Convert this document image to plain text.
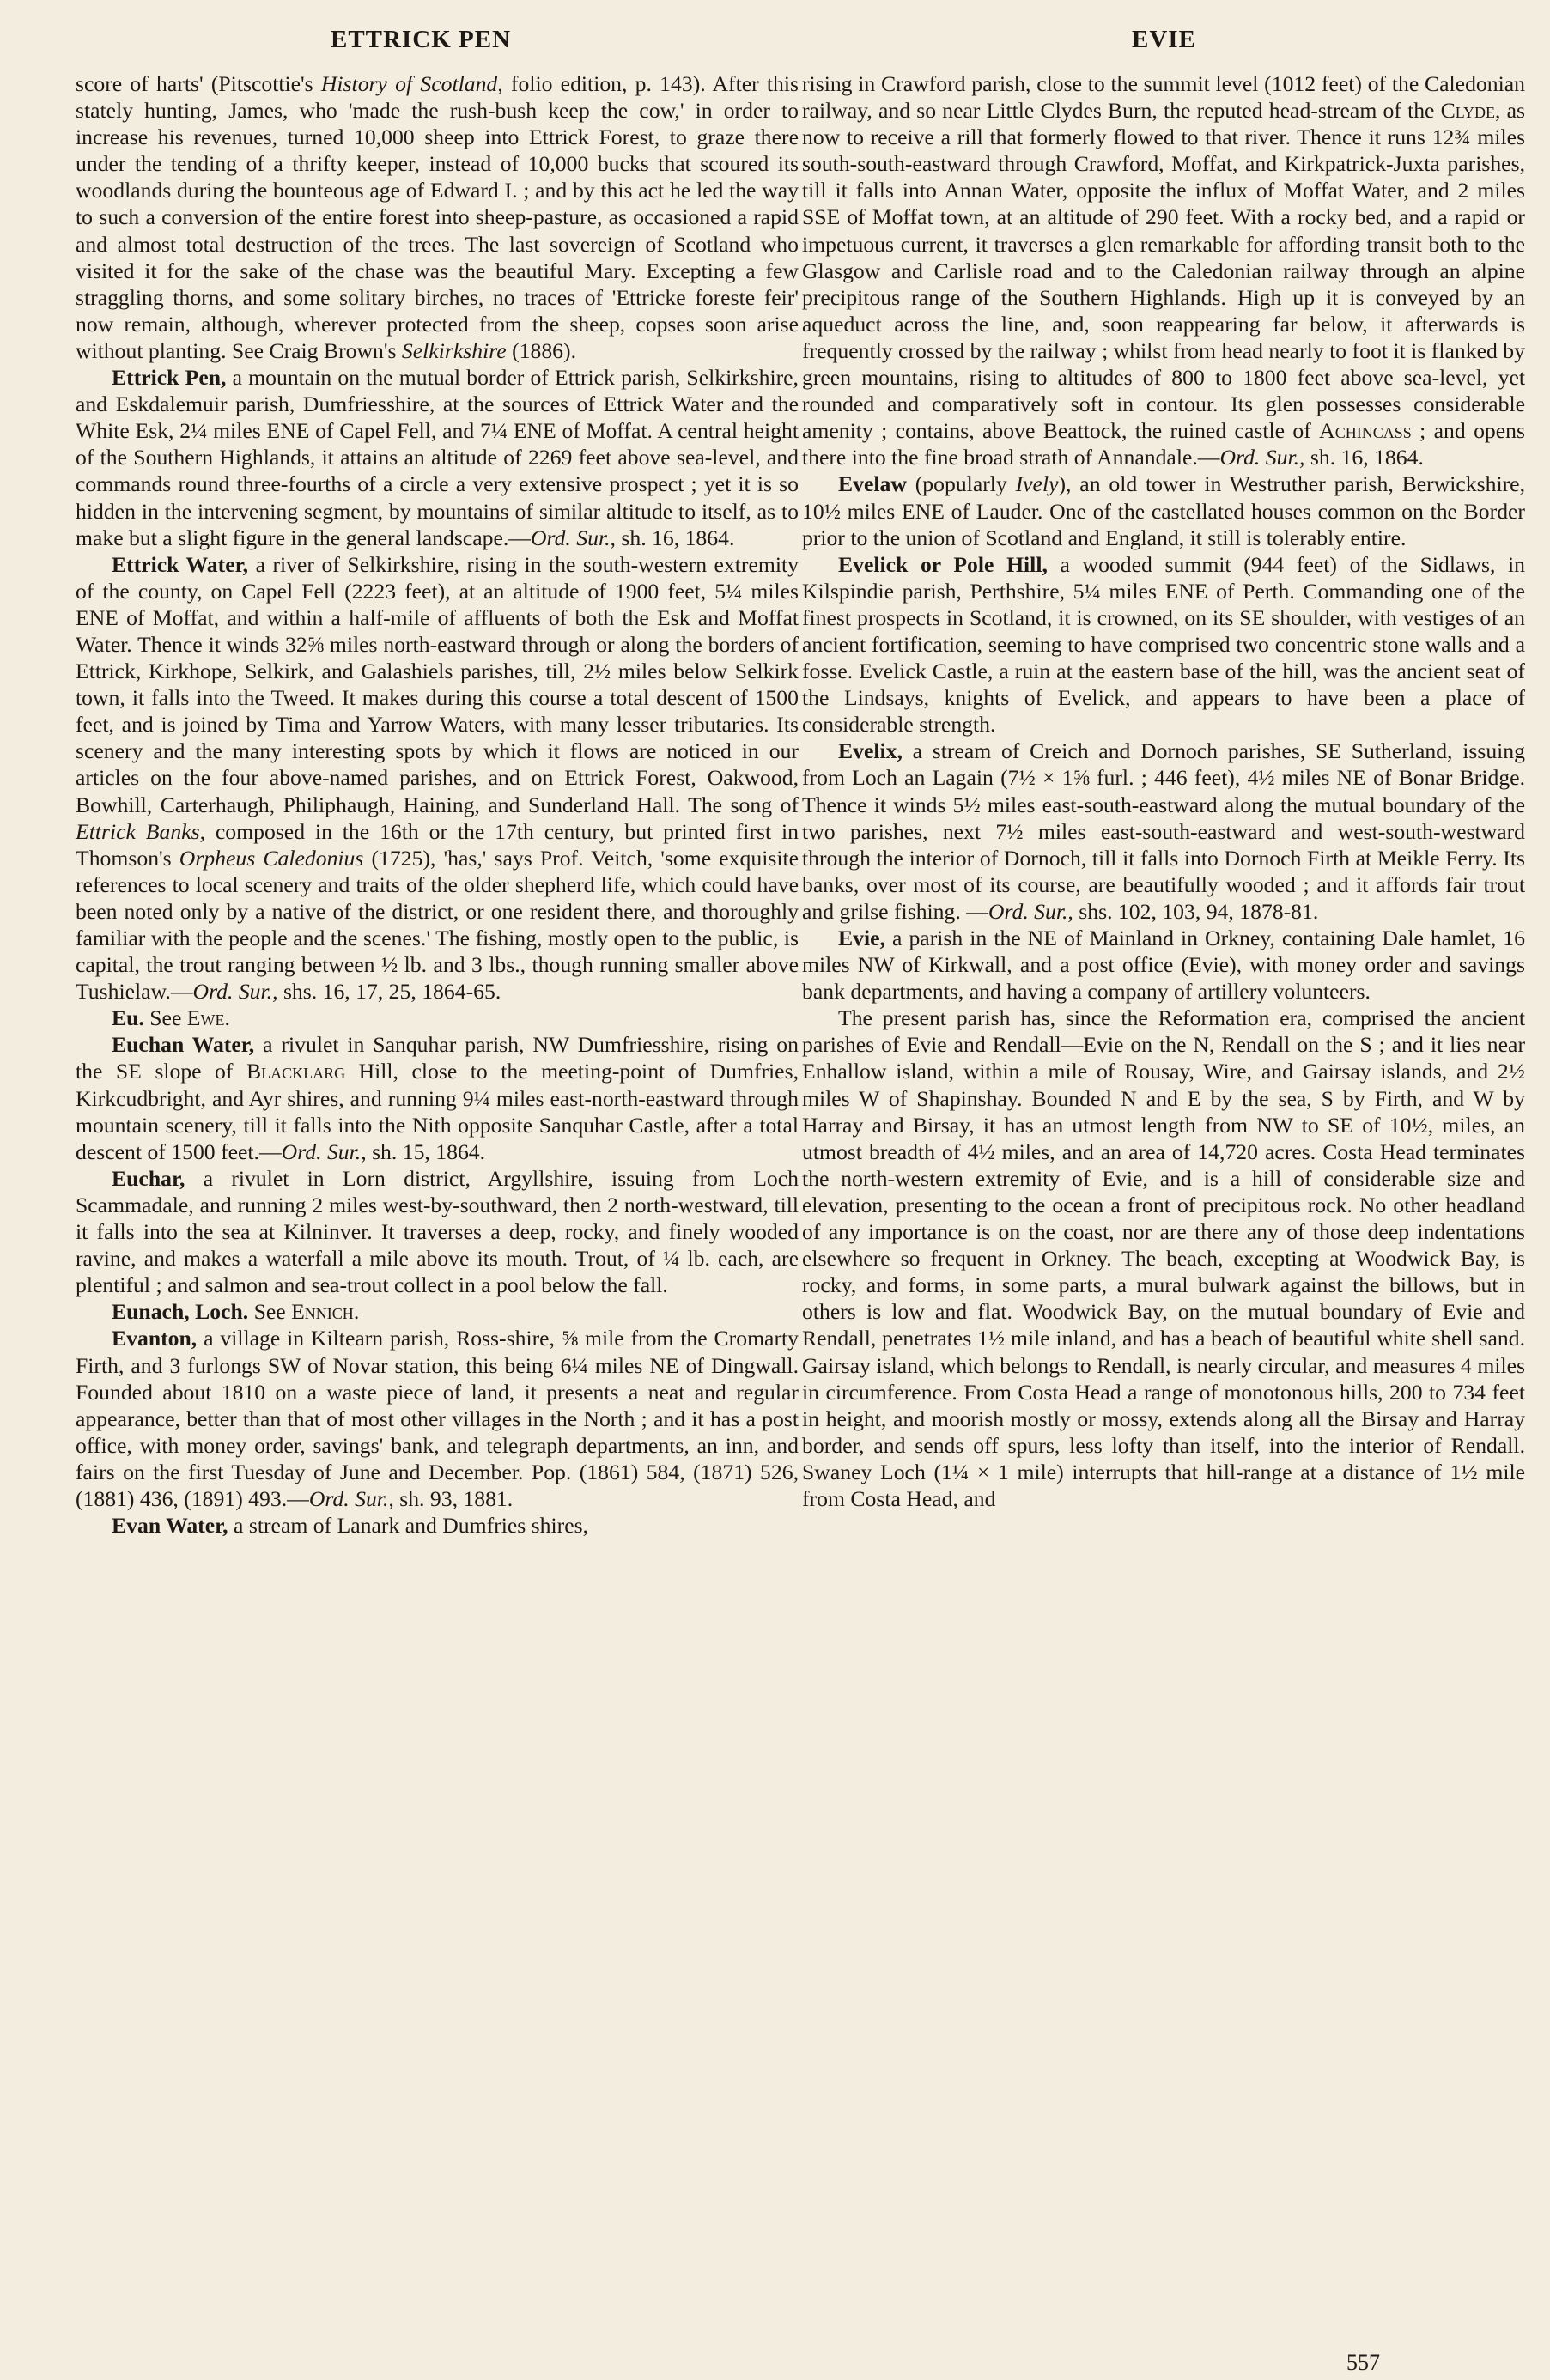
ETTRICK PEN	EVIE

score of harts' (Pitscottie's History of Scotland, folio edition, p. 143). After this stately hunting, James, who 'made the rush-bush keep the cow,' in order to increase his revenues, turned 10,000 sheep into Ettrick Forest, to graze there under the tending of a thrifty keeper, instead of 10,000 bucks that scoured its woodlands during the bounteous age of Edward I. ; and by this act he led the way to such a conversion of the entire forest into sheep-pasture, as occasioned a rapid and almost total destruction of the trees. The last sovereign of Scotland who visited it for the sake of the chase was the beautiful Mary. Excepting a few straggling thorns, and some solitary birches, no traces of 'Ettricke foreste feir' now remain, although, wherever protected from the sheep, copses soon arise without planting. See Craig Brown's Selkirkshire (1886).

Ettrick Pen, a mountain on the mutual border of Ettrick parish, Selkirkshire, and Eskdalemuir parish, Dumfriesshire, at the sources of Ettrick Water and the White Esk, 2¼ miles ENE of Capel Fell, and 7¼ ENE of Moffat. A central height of the Southern Highlands, it attains an altitude of 2269 feet above sea-level, and commands round three-fourths of a circle a very extensive prospect ; yet it is so hidden in the intervening segment, by mountains of similar altitude to itself, as to make but a slight figure in the general landscape.—Ord. Sur., sh. 16, 1864.

Ettrick Water, a river of Selkirkshire, rising in the south-western extremity of the county, on Capel Fell (2223 feet), at an altitude of 1900 feet, 5¼ miles ENE of Moffat, and within a half-mile of affluents of both the Esk and Moffat Water. Thence it winds 32⅝ miles north-eastward through or along the borders of Ettrick, Kirkhope, Selkirk, and Galashiels parishes, till, 2½ miles below Selkirk town, it falls into the Tweed. It makes during this course a total descent of 1500 feet, and is joined by Tima and Yarrow Waters, with many lesser tributaries. Its scenery and the many interesting spots by which it flows are noticed in our articles on the four above-named parishes, and on Ettrick Forest, Oakwood, Bowhill, Carterhaugh, Philiphaugh, Haining, and Sunderland Hall. The song of Ettrick Banks, composed in the 16th or the 17th century, but printed first in Thomson's Orpheus Caledonius (1725), 'has,' says Prof. Veitch, 'some exquisite references to local scenery and traits of the older shepherd life, which could have been noted only by a native of the district, or one resident there, and thoroughly familiar with the people and the scenes.' The fishing, mostly open to the public, is capital, the trout ranging between ½ lb. and 3 lbs., though running smaller above Tushielaw.—Ord. Sur., shs. 16, 17, 25, 1864-65.

Eu. See Ewe.

Euchan Water, a rivulet in Sanquhar parish, NW Dumfriesshire, rising on the SE slope of Blacklarg Hill, close to the meeting-point of Dumfries, Kirkcudbright, and Ayr shires, and running 9¼ miles east-north-eastward through mountain scenery, till it falls into the Nith opposite Sanquhar Castle, after a total descent of 1500 feet.—Ord. Sur., sh. 15, 1864.

Euchar, a rivulet in Lorn district, Argyllshire, issuing from Loch Scammadale, and running 2 miles west-by-southward, then 2 north-westward, till it falls into the sea at Kilninver. It traverses a deep, rocky, and finely wooded ravine, and makes a waterfall a mile above its mouth. Trout, of ¼ lb. each, are plentiful ; and salmon and sea-trout collect in a pool below the fall.

Eunach, Loch. See Ennich.

Evanton, a village in Kiltearn parish, Ross-shire, ⅝ mile from the Cromarty Firth, and 3 furlongs SW of Novar station, this being 6¼ miles NE of Dingwall. Founded about 1810 on a waste piece of land, it presents a neat and regular appearance, better than that of most other villages in the North ; and it has a post office, with money order, savings' bank, and telegraph departments, an inn, and fairs on the first Tuesday of June and December. Pop. (1861) 584, (1871) 526, (1881) 436, (1891) 493.—Ord. Sur., sh. 93, 1881.

Evan Water, a stream of Lanark and Dumfries shires,

rising in Crawford parish, close to the summit level (1012 feet) of the Caledonian railway, and so near Little Clydes Burn, the reputed head-stream of the Clyde, as now to receive a rill that formerly flowed to that river. Thence it runs 12¾ miles south-south-eastward through Crawford, Moffat, and Kirkpatrick-Juxta parishes, till it falls into Annan Water, opposite the influx of Moffat Water, and 2 miles SSE of Moffat town, at an altitude of 290 feet. With a rocky bed, and a rapid or impetuous current, it traverses a glen remarkable for affording transit both to the Glasgow and Carlisle road and to the Caledonian railway through an alpine precipitous range of the Southern Highlands. High up it is conveyed by an aqueduct across the line, and, soon reappearing far below, it afterwards is frequently crossed by the railway ; whilst from head nearly to foot it is flanked by green mountains, rising to altitudes of 800 to 1800 feet above sea-level, yet rounded and comparatively soft in contour. Its glen possesses considerable amenity ; contains, above Beattock, the ruined castle of Achincass ; and opens there into the fine broad strath of Annandale.—Ord. Sur., sh. 16, 1864.

Evelaw (popularly Ively), an old tower in Westruther parish, Berwickshire, 10½ miles ENE of Lauder. One of the castellated houses common on the Border prior to the union of Scotland and England, it still is tolerably entire.

Evelick or Pole Hill, a wooded summit (944 feet) of the Sidlaws, in Kilspindie parish, Perthshire, 5¼ miles ENE of Perth. Commanding one of the finest prospects in Scotland, it is crowned, on its SE shoulder, with vestiges of an ancient fortification, seeming to have comprised two concentric stone walls and a fosse. Evelick Castle, a ruin at the eastern base of the hill, was the ancient seat of the Lindsays, knights of Evelick, and appears to have been a place of considerable strength.

Evelix, a stream of Creich and Dornoch parishes, SE Sutherland, issuing from Loch an Lagain (7½ × 1⅝ furl. ; 446 feet), 4½ miles NE of Bonar Bridge. Thence it winds 5½ miles east-south-eastward along the mutual boundary of the two parishes, next 7½ miles east-south-eastward and west-south-westward through the interior of Dornoch, till it falls into Dornoch Firth at Meikle Ferry. Its banks, over most of its course, are beautifully wooded ; and it affords fair trout and grilse fishing. —Ord. Sur., shs. 102, 103, 94, 1878-81.

Evie, a parish in the NE of Mainland in Orkney, containing Dale hamlet, 16 miles NW of Kirkwall, and a post office (Evie), with money order and savings bank departments, and having a company of artillery volunteers.

The present parish has, since the Reformation era, comprised the ancient parishes of Evie and Rendall—Evie on the N, Rendall on the S ; and it lies near Enhallow island, within a mile of Rousay, Wire, and Gairsay islands, and 2½ miles W of Shapinshay. Bounded N and E by the sea, S by Firth, and W by Harray and Birsay, it has an utmost length from NW to SE of 10½, miles, an utmost breadth of 4½ miles, and an area of 14,720 acres. Costa Head terminates the north-western extremity of Evie, and is a hill of considerable size and elevation, presenting to the ocean a front of precipitous rock. No other headland of any importance is on the coast, nor are there any of those deep indentations elsewhere so frequent in Orkney. The beach, excepting at Woodwick Bay, is rocky, and forms, in some parts, a mural bulwark against the billows, but in others is low and flat. Woodwick Bay, on the mutual boundary of Evie and Rendall, penetrates 1½ mile inland, and has a beach of beautiful white shell sand. Gairsay island, which belongs to Rendall, is nearly circular, and measures 4 miles in circumference. From Costa Head a range of monotonous hills, 200 to 734 feet in height, and moorish mostly or mossy, extends along all the Birsay and Harray border, and sends off spurs, less lofty than itself, into the interior of Rendall. Swaney Loch (1¼ × 1 mile) interrupts that hill-range at a distance of 1½ mile from Costa Head, and

557
